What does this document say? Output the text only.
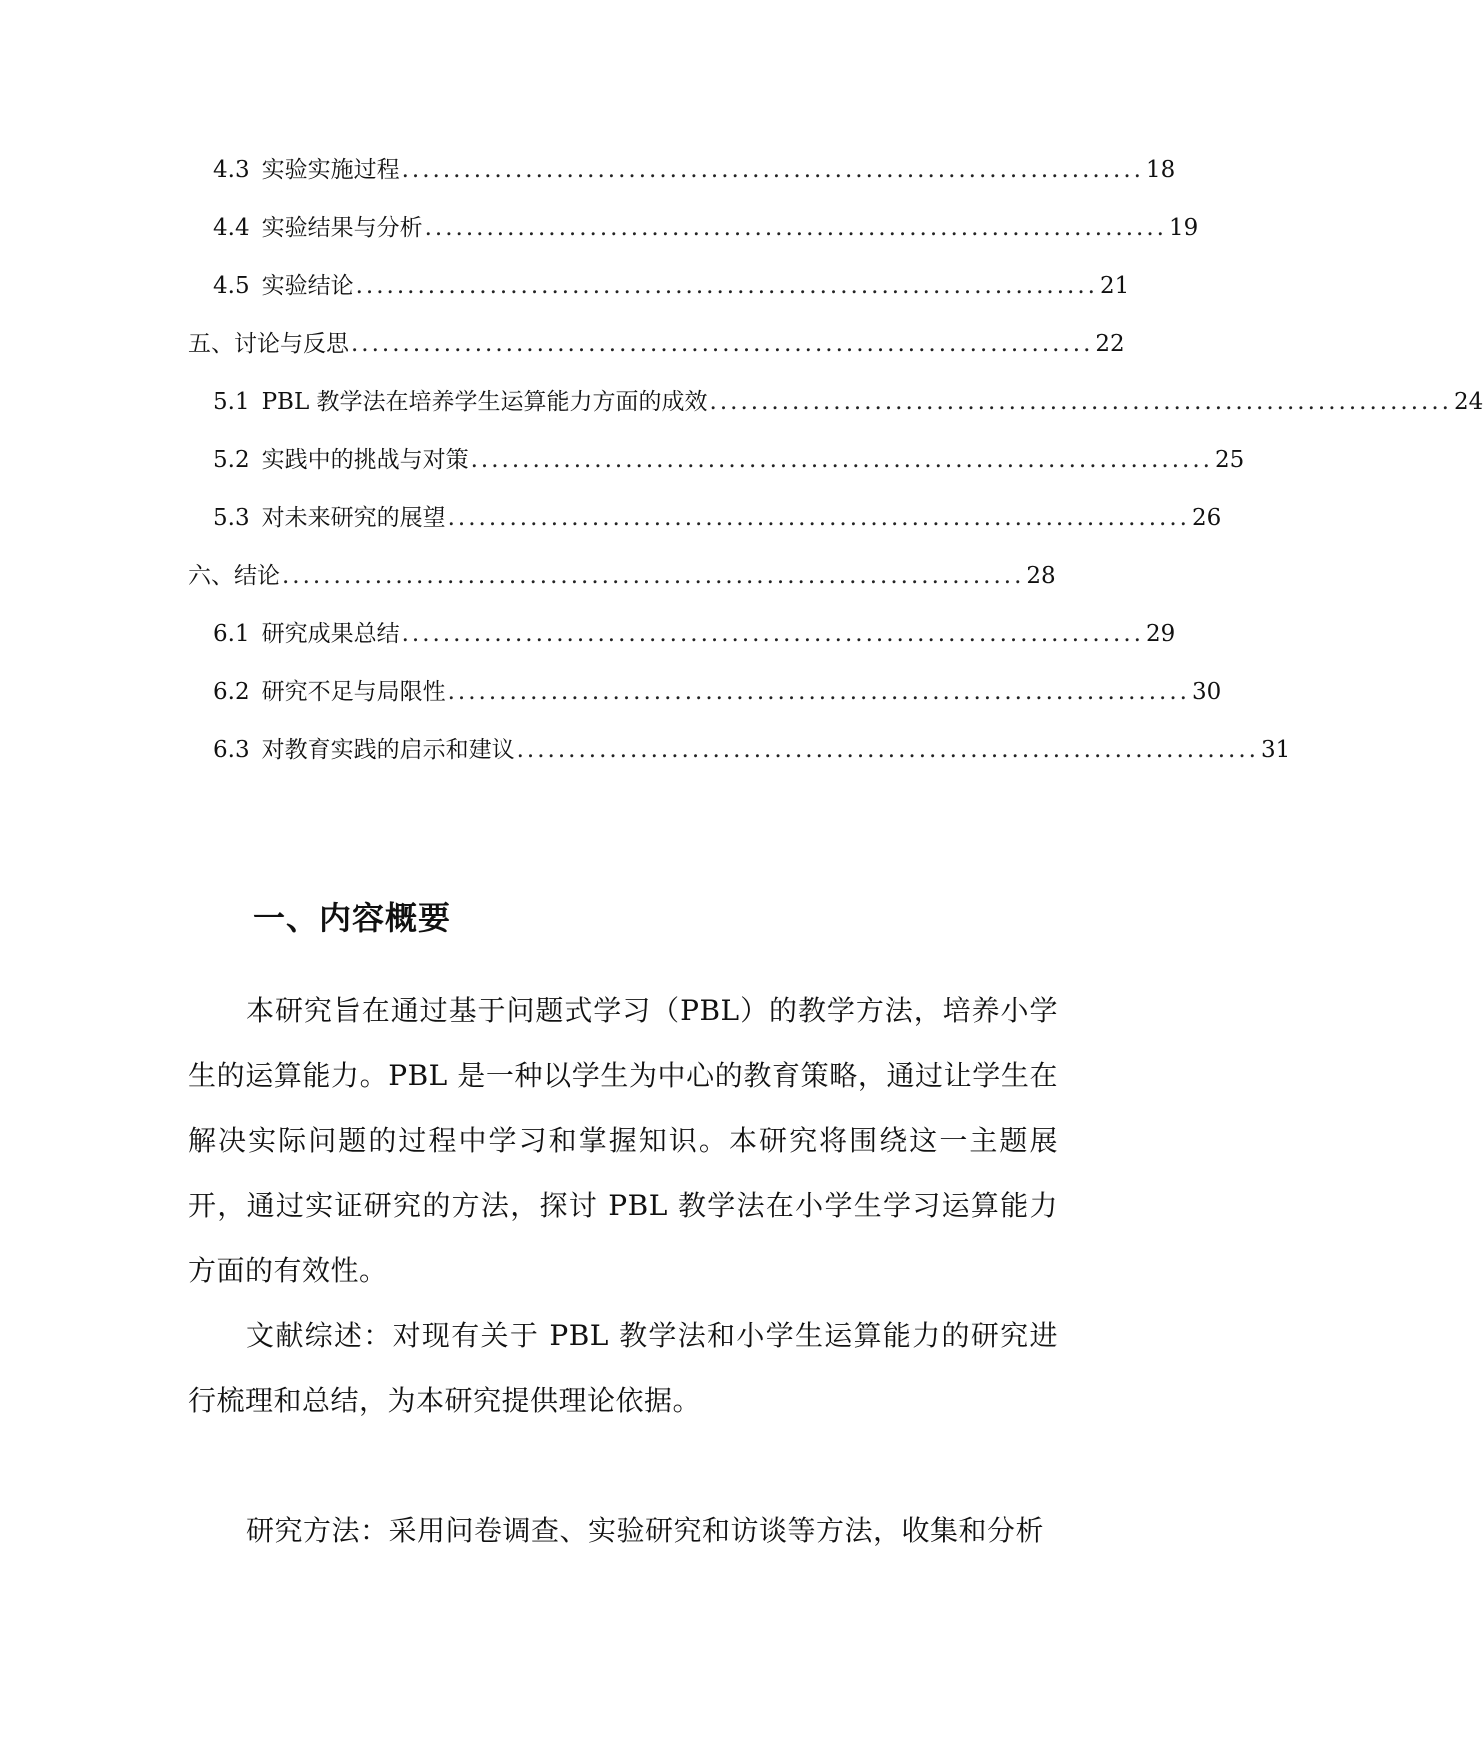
4.3 实验实施过程 ........................................................................ 18
4.4 实验结果与分析 ........................................................................ 19
4.5 实验结论 ........................................................................ 21
五、讨论与反思 ........................................................................ 22
5.1 PBL 教学法在培养学生运算能力方面的成效 ........................................................................ 24
5.2 实践中的挑战与对策 ........................................................................ 25
5.3 对未来研究的展望 ........................................................................ 26
六、结论 ........................................................................ 28
6.1 研究成果总结 ........................................................................ 29
6.2 研究不足与局限性 ........................................................................ 30
6.3 对教育实践的启示和建议 ........................................................................ 31
一、内容概要

本研究旨在通过基于问题式学习（PBL）的教学方法，培养小学生的运算能力。PBL 是一种以学生为中心的教育策略，通过让学生在解决实际问题的过程中学习和掌握知识。本研究将围绕这一主题展开，通过实证研究的方法，探讨 PBL 教学法在小学生学习运算能力方面的有效性。

文献综述：对现有关于 PBL 教学法和小学生运算能力的研究进行梳理和总结，为本研究提供理论依据。

研究方法：采用问卷调查、实验研究和访谈等方法，收集和分析
